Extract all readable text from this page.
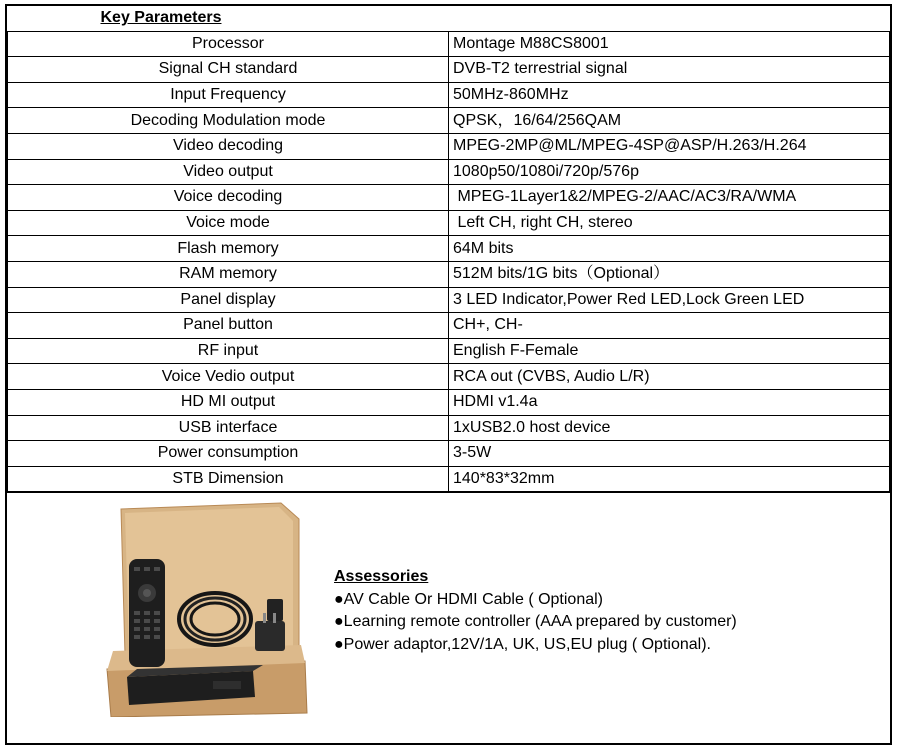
Key Parameters	
Processor	Montage M88CS8001
Signal CH standard	DVB-T2 terrestrial signal
Input Frequency	50MHz-860MHz
Decoding Modulation mode	QPSK，16/64/256QAM
Video decoding	MPEG-2MP@ML/MPEG-4SP@ASP/H.263/H.264
Video output	1080p50/1080i/720p/576p
Voice decoding	MPEG-1Layer1&2/MPEG-2/AAC/AC3/RA/WMA
Voice mode	Left CH, right CH, stereo
Flash memory	64M bits
RAM memory	512M bits/1G bits（Optional）
Panel display	3 LED Indicator,Power Red LED,Lock Green LED
Panel button	CH+, CH-
RF input	English F-Female
Voice Vedio output	RCA out (CVBS, Audio L/R)
HD MI output	HDMI v1.4a
USB interface	1xUSB2.0 host device
Power consumption	3-5W
STB Dimension	140*83*32mm
Assessories
●AV Cable Or HDMI Cable ( Optional)
●Learning remote controller (AAA prepared by customer)
●Power adaptor,12V/1A, UK, US,EU plug ( Optional).
